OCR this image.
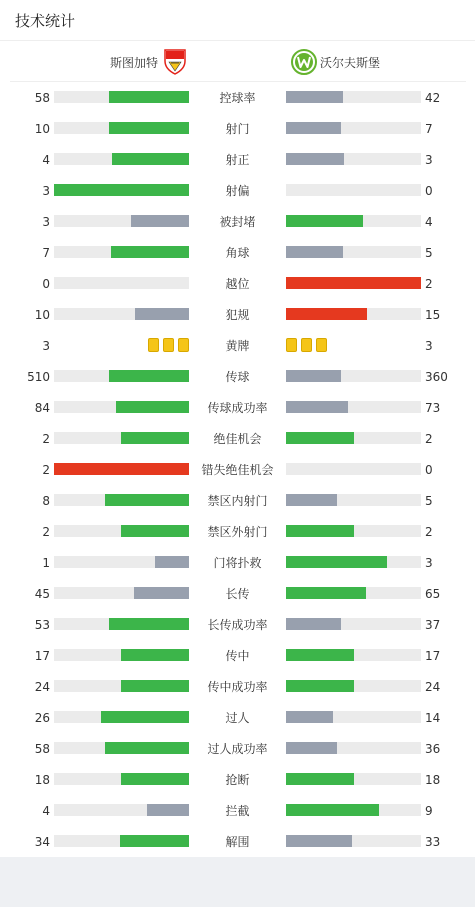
技术统计
斯图加特	沃尔夫斯堡
58	控球率	42
10	射门	7
4	射正	3
3	射偏	0
3	被封堵	4
7	角球	5
0	越位	2
10	犯规	15
3	黄牌	3
510	传球	360
84	传球成功率	73
2	绝佳机会	2
2	错失绝佳机会	0
8	禁区内射门	5
2	禁区外射门	2
1	门将扑救	3
45	长传	65
53	长传成功率	37
17	传中	17
24	传中成功率	24
26	过人	14
58	过人成功率	36
18	抢断	18
4	拦截	9
34	解围	33
